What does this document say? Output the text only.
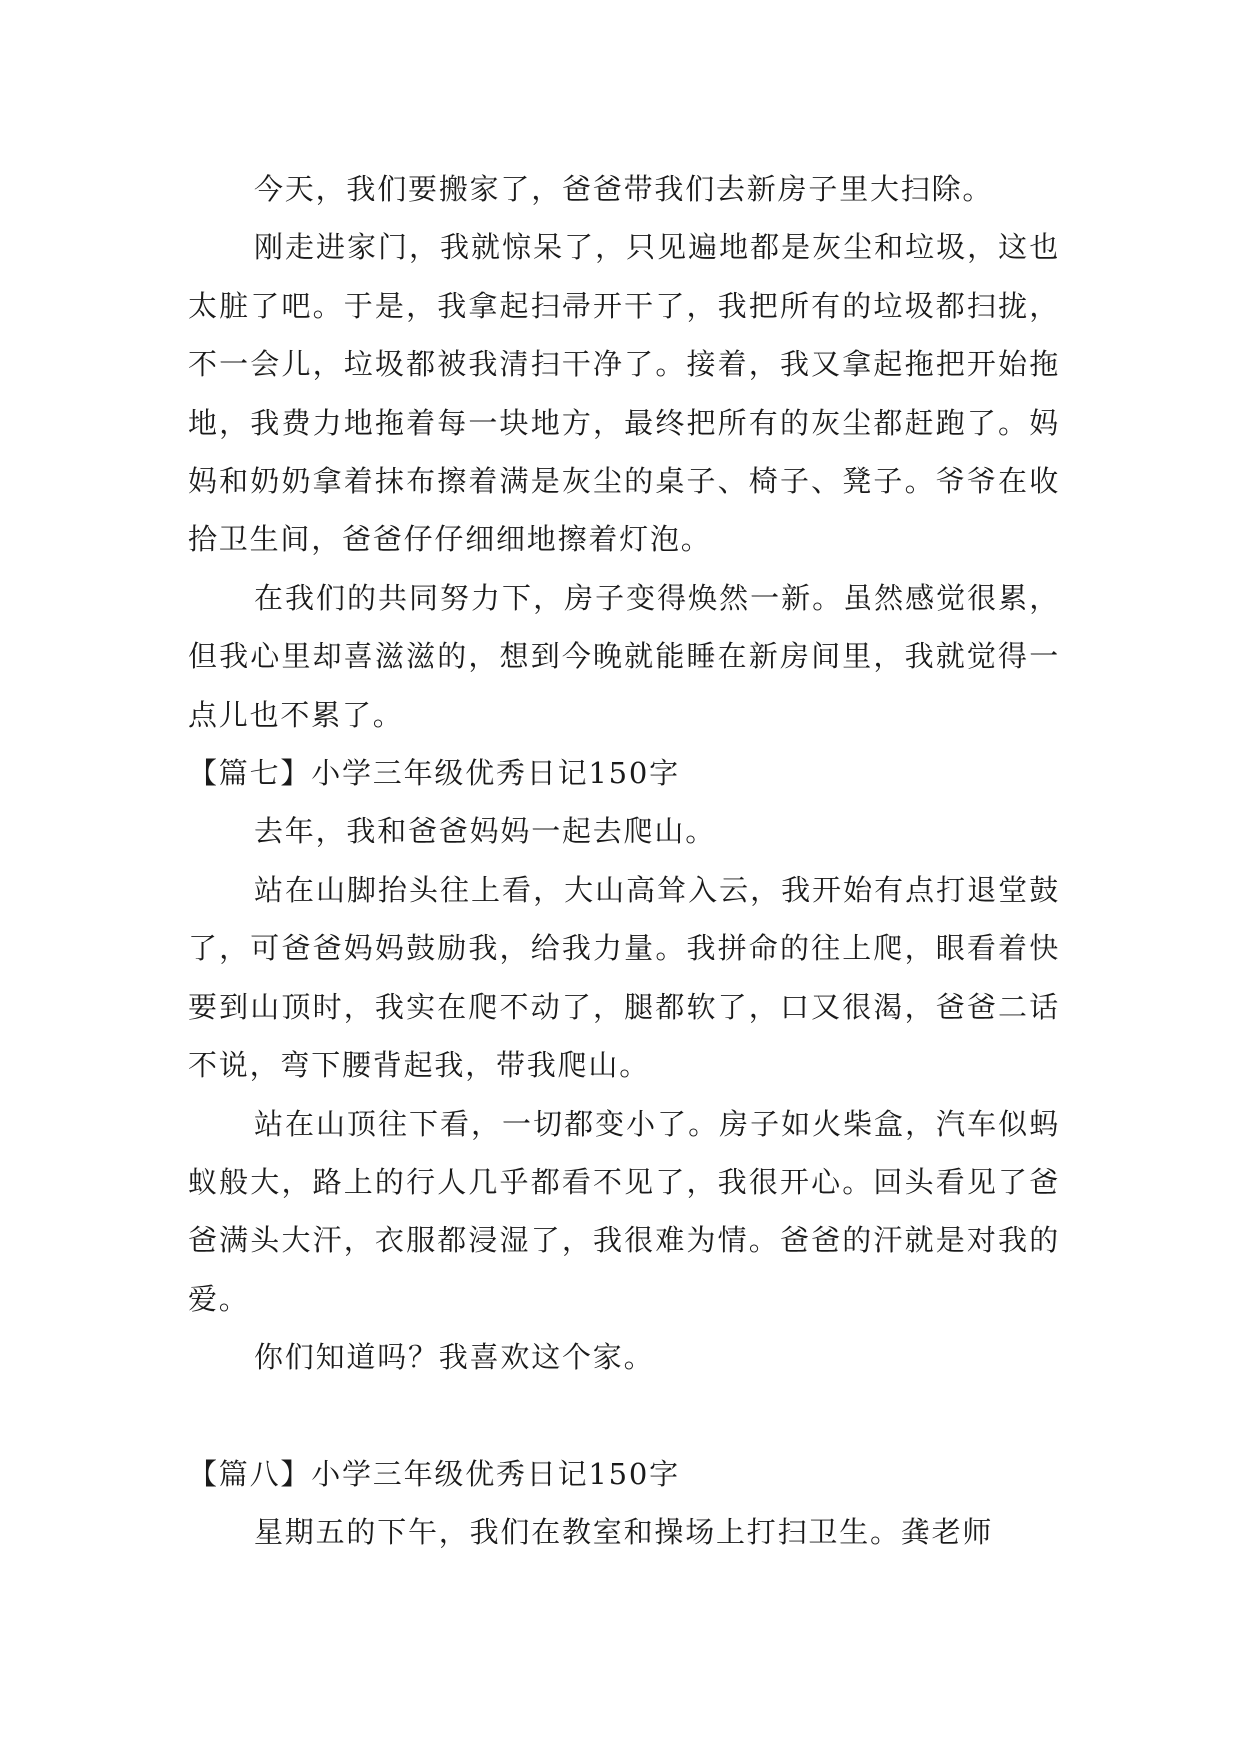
今天，我们要搬家了，爸爸带我们去新房子里大扫除。

刚走进家门，我就惊呆了，只见遍地都是灰尘和垃圾，这也太脏了吧。于是，我拿起扫帚开干了，我把所有的垃圾都扫拢，不一会儿，垃圾都被我清扫干净了。接着，我又拿起拖把开始拖地，我费力地拖着每一块地方，最终把所有的灰尘都赶跑了。妈妈和奶奶拿着抹布擦着满是灰尘的桌子、椅子、凳子。爷爷在收拾卫生间，爸爸仔仔细细地擦着灯泡。

在我们的共同努力下，房子变得焕然一新。虽然感觉很累，但我心里却喜滋滋的，想到今晚就能睡在新房间里，我就觉得一点儿也不累了。

【篇七】小学三年级优秀日记150字

去年，我和爸爸妈妈一起去爬山。

站在山脚抬头往上看，大山高耸入云，我开始有点打退堂鼓了，可爸爸妈妈鼓励我，给我力量。我拼命的往上爬，眼看着快要到山顶时，我实在爬不动了，腿都软了，口又很渴，爸爸二话不说，弯下腰背起我，带我爬山。

站在山顶往下看，一切都变小了。房子如火柴盒，汽车似蚂蚁般大，路上的行人几乎都看不见了，我很开心。回头看见了爸爸满头大汗，衣服都浸湿了，我很难为情。爸爸的汗就是对我的爱。

你们知道吗？我喜欢这个家。

【篇八】小学三年级优秀日记150字

星期五的下午，我们在教室和操场上打扫卫生。龚老师
